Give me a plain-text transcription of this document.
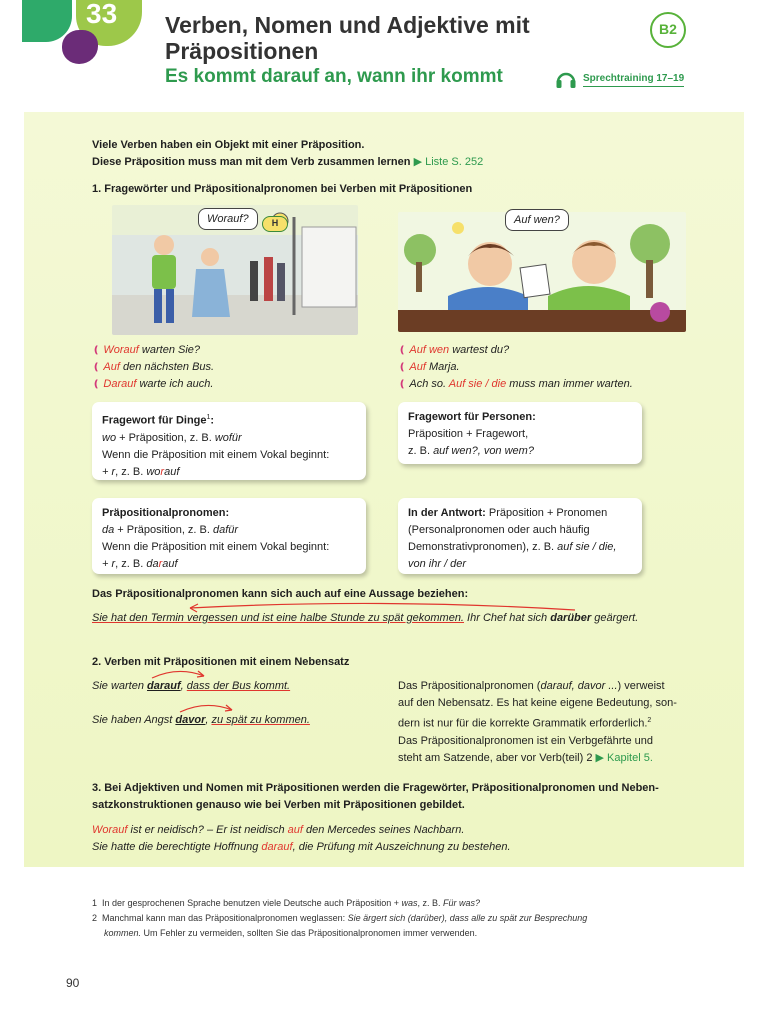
33 Verben, Nomen und Adjektive mit
Präpositionen
Es kommt darauf an, wann ihr kommt
B2
Sprechtraining 17–19
Viele Verben haben ein Objekt mit einer Präposition.
Diese Präposition muss man mit dem Verb zusammen lernen ▶ Liste S. 252
1. Fragewörter und Präpositionalpronomen bei Verben mit Präpositionen
Worauf?	H	Auf wen?
❪ Worauf warten Sie?
❪ Auf den nächsten Bus.
❪ Darauf warte ich auch.
❪ Auf wen wartest du?
❪ Auf Marja.
❪ Ach so. Auf sie / die muss man immer warten.
Fragewort für Dinge$^1$:
wo + Präposition, z. B. wofür
Wenn die Präposition mit einem Vokal beginnt:
+ r, z. B. worauf
Fragewort für Personen:
Präposition + Fragewort,
z. B. auf wen?, von wem?
Präpositionalpronomen:
da + Präposition, z. B. dafür
Wenn die Präposition mit einem Vokal beginnt:
+ r, z. B. darauf
In der Antwort: Präposition + Pronomen
(Personalpronomen oder auch häufig
Demonstrativpronomen), z. B. auf sie / die,
von ihr / der
Das Präpositionalpronomen kann sich auch auf eine Aussage beziehen:
Sie hat den Termin vergessen und ist eine halbe Stunde zu spät gekommen. Ihr Chef hat sich darüber geärgert.
2. Verben mit Präpositionen mit einem Nebensatz
Sie warten darauf, dass der Bus kommt.
Sie haben Angst davor, zu spät zu kommen.
Das Präpositionalpronomen (darauf, davor ...) verweist
auf den Nebensatz. Es hat keine eigene Bedeutung, son-
dern ist nur für die korrekte Grammatik erforderlich.$^2$
Das Präpositionalpronomen ist ein Verbgefährte und
steht am Satzende, aber vor Verb(teil) 2 ▶ Kapitel 5.
3. Bei Adjektiven und Nomen mit Präpositionen werden die Fragewörter, Präpositionalpronomen und Neben-
satzkonstruktionen genauso wie bei Verben mit Präpositionen gebildet.
Worauf ist er neidisch? – Er ist neidisch auf den Mercedes seines Nachbarn.
Sie hatte die berechtigte Hoffnung darauf, die Prüfung mit Auszeichnung zu bestehen.
1 In der gesprochenen Sprache benutzen viele Deutsche auch Präposition + was, z. B. Für was?
2 Manchmal kann man das Präpositionalpronomen weglassen: Sie ärgert sich (darüber), dass alle zu spät zur Besprechung
kommen. Um Fehler zu vermeiden, sollten Sie das Präpositionalpronomen immer verwenden.
90
